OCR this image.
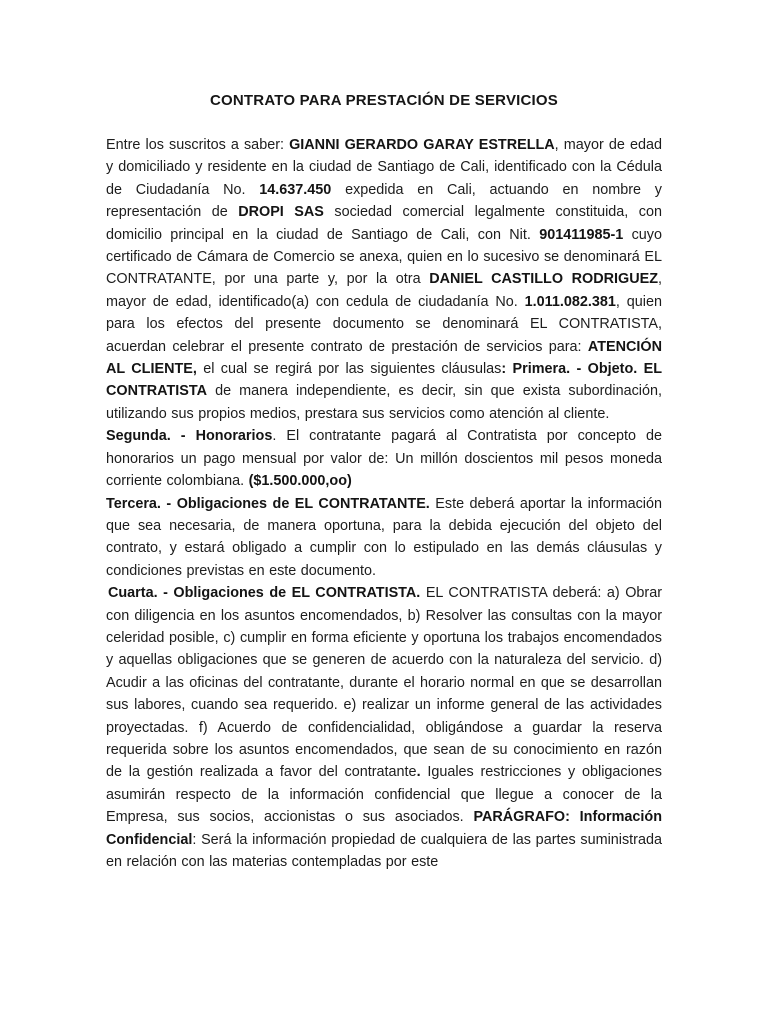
CONTRATO PARA PRESTACIÓN DE SERVICIOS

Entre los suscritos a saber: GIANNI GERARDO GARAY ESTRELLA, mayor de edad y domiciliado y residente en la ciudad de Santiago de Cali, identificado con la Cédula de Ciudadanía No. 14.637.450 expedida en Cali, actuando en nombre y representación de DROPI SAS sociedad comercial legalmente constituida, con domicilio principal en la ciudad de Santiago de Cali, con Nit. 901411985-1 cuyo certificado de Cámara de Comercio se anexa, quien en lo sucesivo se denominará EL CONTRATANTE, por una parte y, por la otra DANIEL CASTILLO RODRIGUEZ, mayor de edad, identificado(a) con cedula de ciudadanía No. 1.011.082.381, quien para los efectos del presente documento se denominará EL CONTRATISTA, acuerdan celebrar el presente contrato de prestación de servicios para: ATENCIÓN AL CLIENTE, el cual se regirá por las siguientes cláusulas: Primera. - Objeto. EL CONTRATISTA de manera independiente, es decir, sin que exista subordinación, utilizando sus propios medios, prestara sus servicios como atención al cliente.

Segunda. - Honorarios. El contratante pagará al Contratista por concepto de honorarios un pago mensual por valor de: Un millón doscientos mil pesos moneda corriente colombiana. ($1.500.000,oo)

Tercera. - Obligaciones de EL CONTRATANTE. Este deberá aportar la información que sea necesaria, de manera oportuna, para la debida ejecución del objeto del contrato, y estará obligado a cumplir con lo estipulado en las demás cláusulas y condiciones previstas en este documento.

Cuarta. - Obligaciones de EL CONTRATISTA. EL CONTRATISTA deberá: a) Obrar con diligencia en los asuntos encomendados, b) Resolver las consultas con la mayor celeridad posible, c) cumplir en forma eficiente y oportuna los trabajos encomendados y aquellas obligaciones que se generen de acuerdo con la naturaleza del servicio. d) Acudir a las oficinas del contratante, durante el horario normal en que se desarrollan sus labores, cuando sea requerido. e) realizar un informe general de las actividades proyectadas. f) Acuerdo de confidencialidad, obligándose a guardar la reserva requerida sobre los asuntos encomendados, que sean de su conocimiento en razón de la gestión realizada a favor del contratante. Iguales restricciones y obligaciones asumirán respecto de la información confidencial que llegue a conocer de la Empresa, sus socios, accionistas o sus asociados. PARÁGRAFO: Información Confidencial: Será la información propiedad de cualquiera de las partes suministrada en relación con las materias contempladas por este
